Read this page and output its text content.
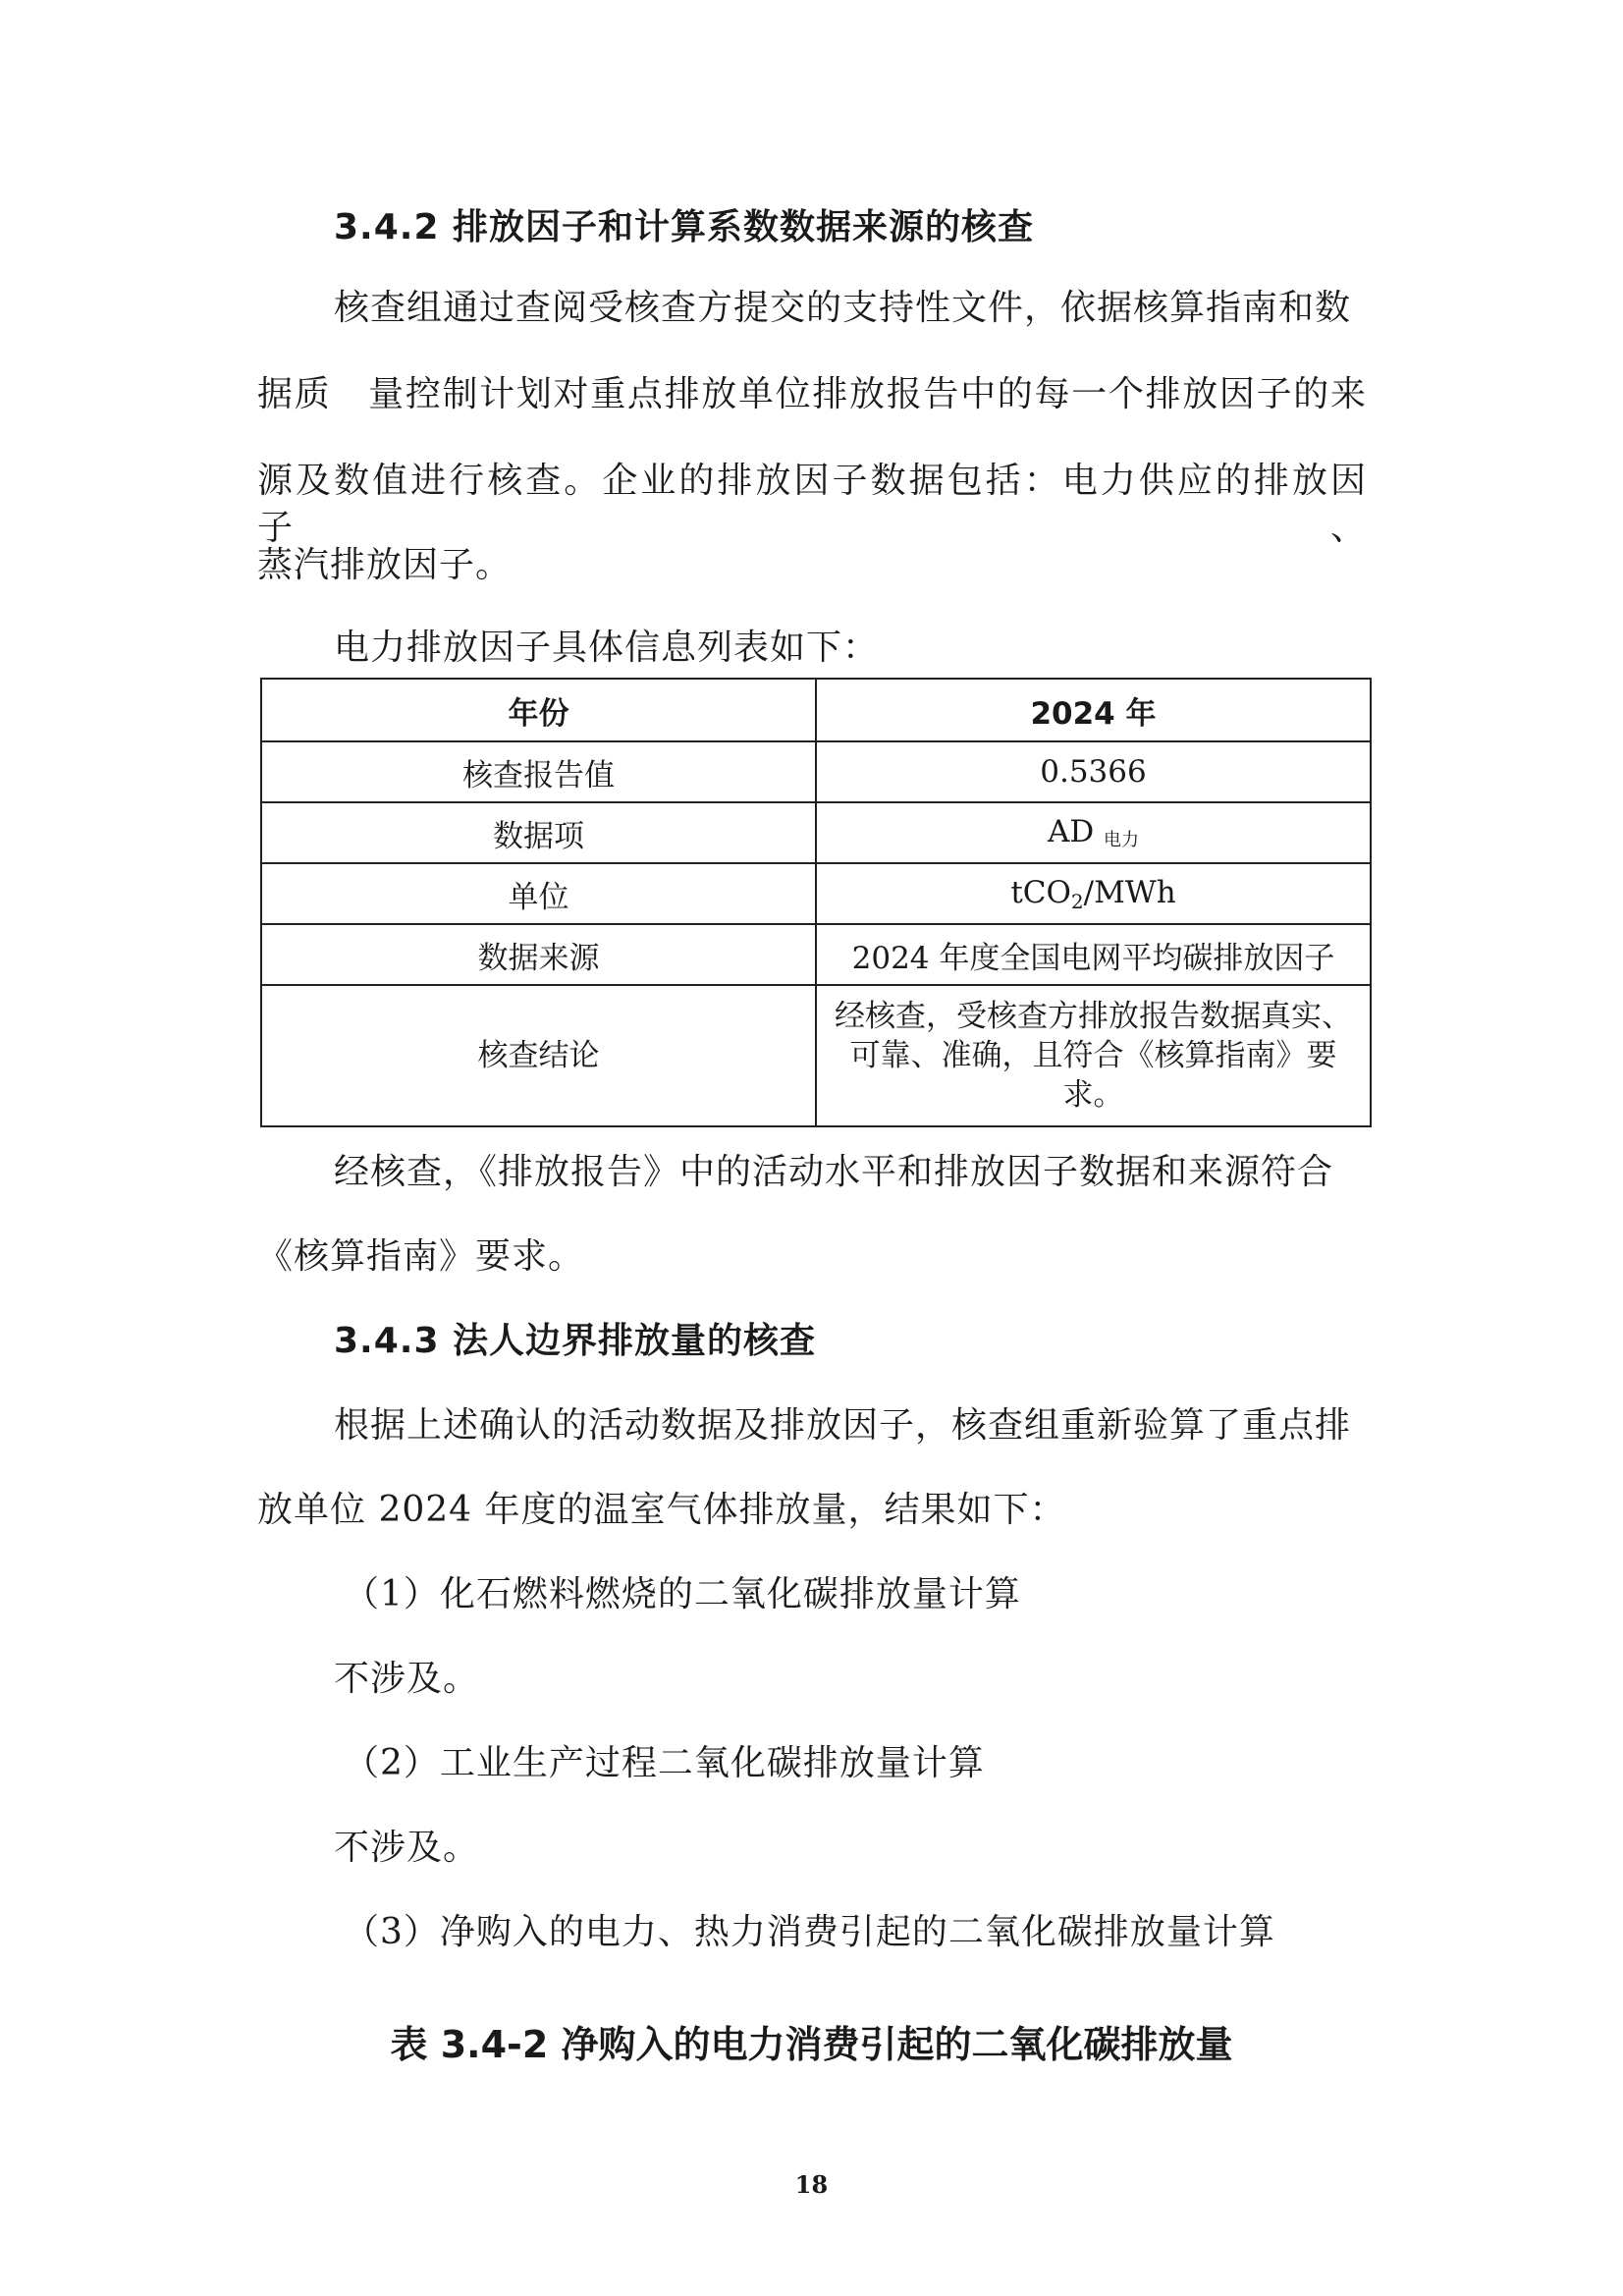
3.4.2 排放因子和计算系数数据来源的核查
核查组通过查阅受核查方提交的支持性文件，依据核算指南和数
据质　量控制计划对重点排放单位排放报告中的每一个排放因子的来
源及数值进行核查。企业的排放因子数据包括：电力供应的排放因子、
蒸汽排放因子。
电力排放因子具体信息列表如下：
年份	2024 年
核查报告值	0.5366
数据项	AD $_{电力}$
单位	tCO2/MWh
数据来源	2024 年度全国电网平均碳排放因子
核查结论	经核查，受核查方排放报告数据真实、
可靠、准确，且符合《核算指南》要
求。
经核查，《排放报告》中的活动水平和排放因子数据和来源符合
《核算指南》要求。
3.4.3 法人边界排放量的核查
根据上述确认的活动数据及排放因子，核查组重新验算了重点排
放单位 2024 年度的温室气体排放量，结果如下：
（1）化石燃料燃烧的二氧化碳排放量计算
不涉及。
（2）工业生产过程二氧化碳排放量计算
不涉及。
（3）净购入的电力、热力消费引起的二氧化碳排放量计算
表 3.4-2 净购入的电力消费引起的二氧化碳排放量
18
